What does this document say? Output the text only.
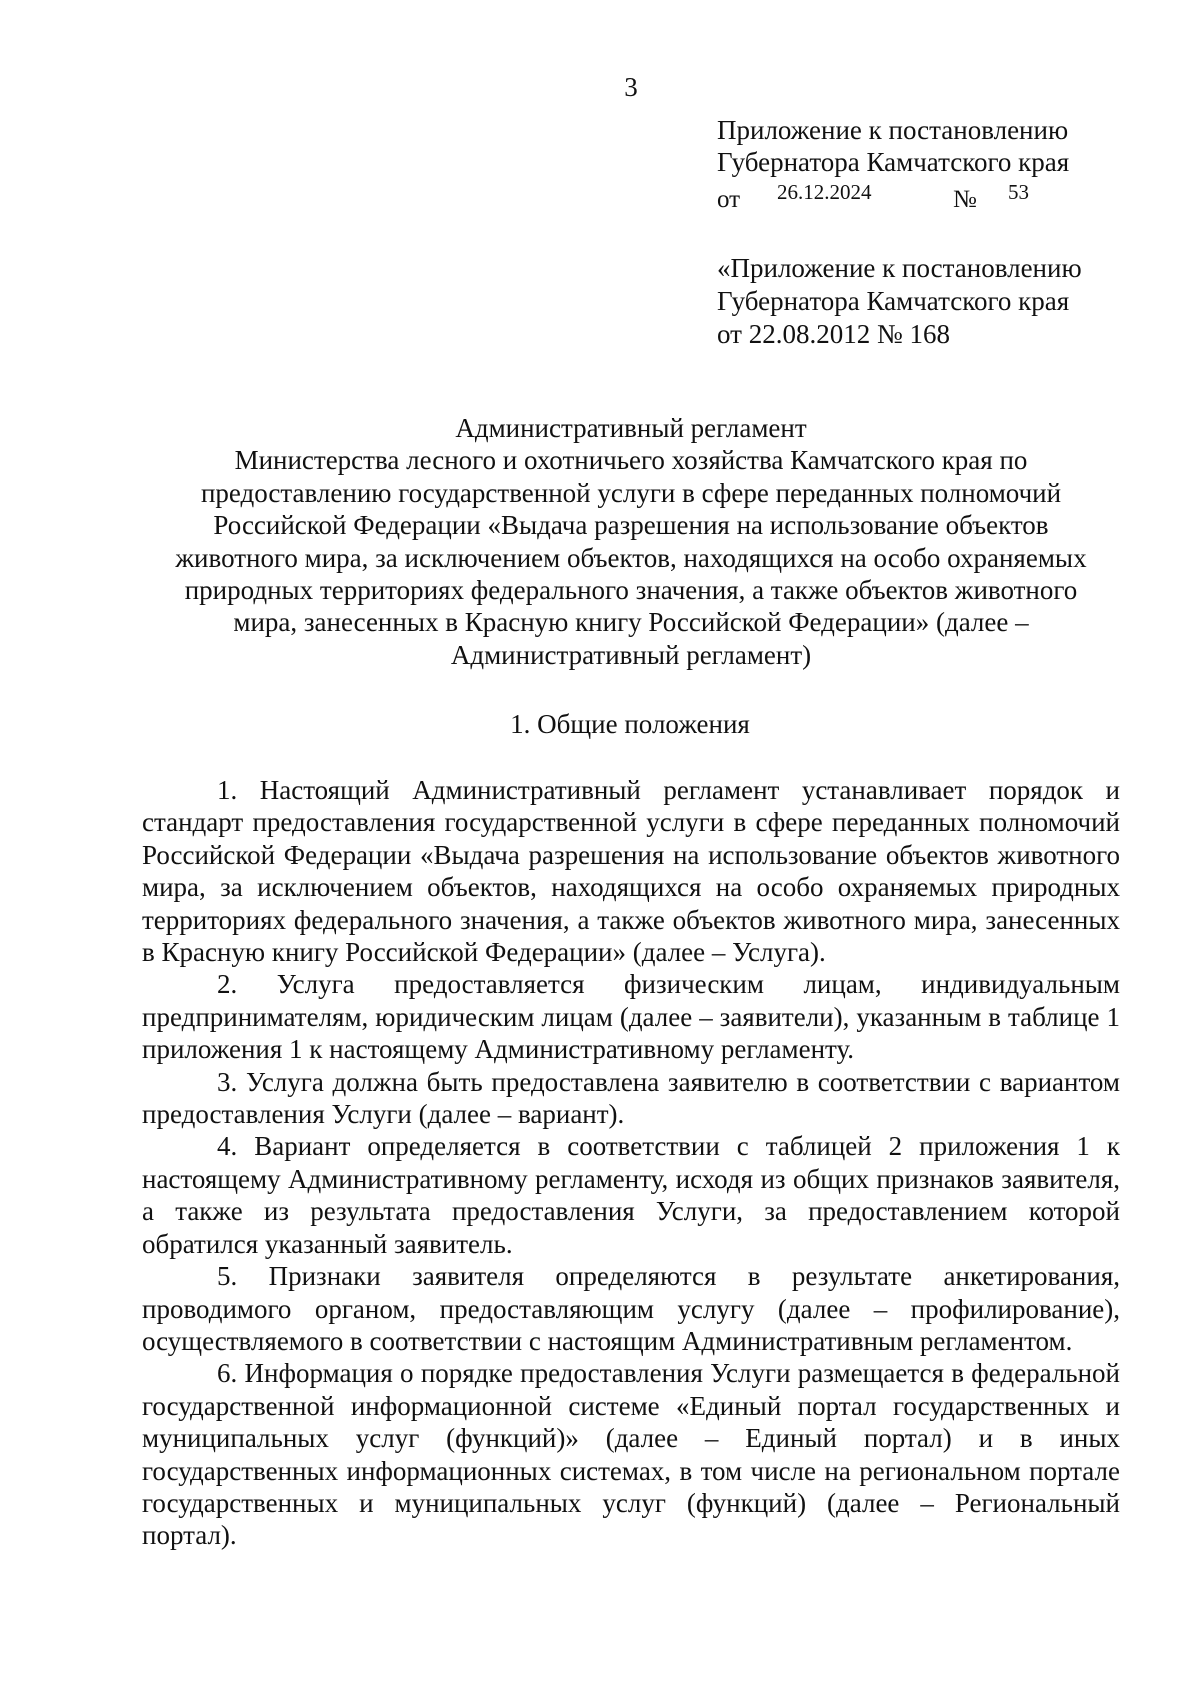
3
Приложение к постановлению
Губернатора Камчатского края
от 26.12.2024	№ 53
«Приложение к постановлению
Губернатора Камчатского края
от 22.08.2012 № 168
Административный регламент
Министерства лесного и охотничьего хозяйства Камчатского края по
предоставлению государственной услуги в сфере переданных полномочий
Российской Федерации «Выдача разрешения на использование объектов
животного мира, за исключением объектов, находящихся на особо охраняемых
природных территориях федерального значения, а также объектов животного
мира, занесенных в Красную книгу Российской Федерации» (далее –
Административный регламент)
1. Общие положения

1. Настоящий Административный регламент устанавливает порядок и стандарт предоставления государственной услуги в сфере переданных полномочий Российской Федерации «Выдача разрешения на использование объектов животного мира, за исключением объектов, находящихся на особо охраняемых природных территориях федерального значения, а также объектов животного мира, занесенных в Красную книгу Российской Федерации» (далее – Услуга).

2. Услуга предоставляется физическим лицам, индивидуальным предпринимателям, юридическим лицам (далее – заявители), указанным в таблице 1 приложения 1 к настоящему Административному регламенту.

3. Услуга должна быть предоставлена заявителю в соответствии с вариантом предоставления Услуги (далее – вариант).

4. Вариант определяется в соответствии с таблицей 2 приложения 1 к настоящему Административному регламенту, исходя из общих признаков заявителя, а также из результата предоставления Услуги, за предоставлением которой обратился указанный заявитель.

5. Признаки заявителя определяются в результате анкетирования, проводимого органом, предоставляющим услугу (далее – профилирование), осуществляемого в соответствии с настоящим Административным регламентом.

6. Информация о порядке предоставления Услуги размещается в федеральной государственной информационной системе «Единый портал государственных и муниципальных услуг (функций)» (далее – Единый портал) и в иных государственных информационных системах, в том числе на региональном портале государственных и муниципальных услуг (функций) (далее – Региональный портал).
